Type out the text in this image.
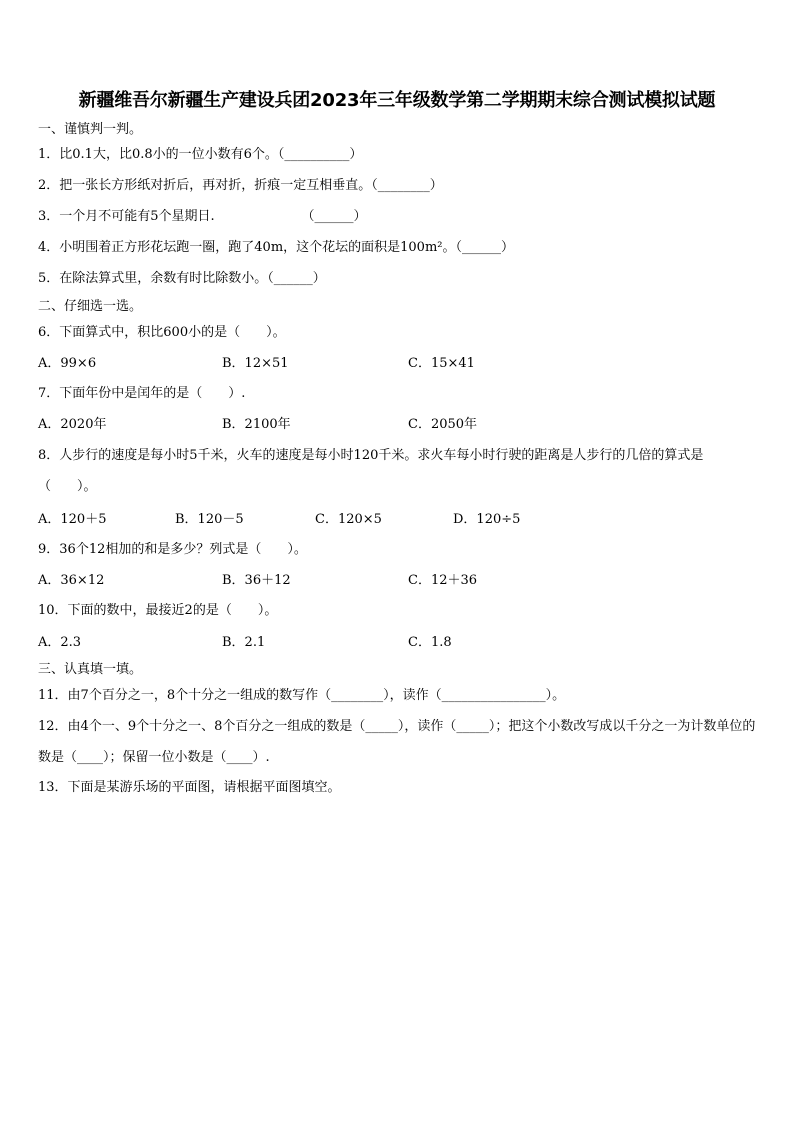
新疆维吾尔新疆生产建设兵团2023年三年级数学第二学期期末综合测试模拟试题
一、谨慎判一判。
1．比0.1大，比0.8小的一位小数有6个。（__________）
2．把一张长方形纸对折后，再对折，折痕一定互相垂直。（________）
3．一个月不可能有5个星期日.                     （______）
4．小明围着正方形花坛跑一圈，跑了40m，这个花坛的面积是100m²。（______）
5．在除法算式里，余数有时比除数小。（______）
二、仔细选一选。
6．下面算式中，积比600小的是（　　）。
A．99×6	B．12×51	C．15×41
7．下面年份中是闰年的是（　　）.
A．2020年	B．2100年	C．2050年
8．人步行的速度是每小时5千米，火车的速度是每小时120千米。求火车每小时行驶的距离是人步行的几倍的算式是（　　）。
A．120＋5	B．120－5	C．120×5	D．120÷5
9．36个12相加的和是多少？列式是（　　）。
A．36×12	B．36＋12	C．12＋36
10．下面的数中，最接近2的是（　　）。
A．2.3	B．2.1	C．1.8
三、认真填一填。
11．由7个百分之一，8个十分之一组成的数写作（________），读作（________________）。
12．由4个一、9个十分之一、8个百分之一组成的数是（_____），读作（_____）；把这个小数改写成以千分之一为计数单位的数是（____）；保留一位小数是（____）.
13．下面是某游乐场的平面图，请根据平面图填空。
